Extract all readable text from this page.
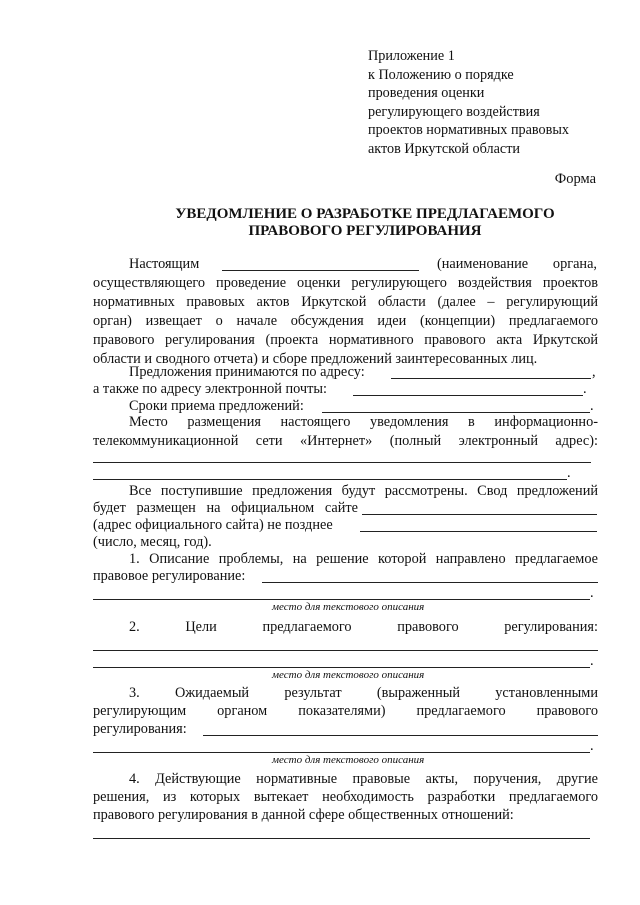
Приложение 1
к Положению о порядке
проведения оценки
регулирующего воздействия
проектов нормативных правовых
актов Иркутской области
Форма
УВЕДОМЛЕНИЕ О РАЗРАБОТКЕ ПРЕДЛАГАЕМОГО
ПРАВОВОГО РЕГУЛИРОВАНИЯ
Настоящим	(наименование органа,
осуществляющего проведение оценки регулирующего воздействия проектов
нормативных правовых актов Иркутской области (далее – регулирующий
орган) извещает о начале обсуждения идеи (концепции) предлагаемого
правового регулирования (проекта нормативного правового акта Иркутской
области и сводного отчета) и сборе предложений заинтересованных лиц.
Предложения принимаются по адресу:	,
а также по адресу электронной почты:	.
Сроки приема предложений:	.
Место размещения настоящего уведомления в информационно-
телекоммуникационной сети «Интернет» (полный электронный адрес):
.
Все поступившие предложения будут рассмотрены. Свод предложений
будет размещен на официальном сайте
(адрес официального сайта) не позднее
(число, месяц, год).
1. Описание проблемы, на решение которой направлено предлагаемое
правовое регулирование:
.
место для текстового описания
2.	Цели	предлагаемого	правового	регулирования:
.
место для текстового описания
3. Ожидаемый результат (выраженный установленными
регулирующим органом показателями) предлагаемого правового
регулирования:
.
место для текстового описания
4. Действующие нормативные правовые акты, поручения, другие
решения, из которых вытекает необходимость разработки предлагаемого
правового регулирования в данной сфере общественных отношений:
